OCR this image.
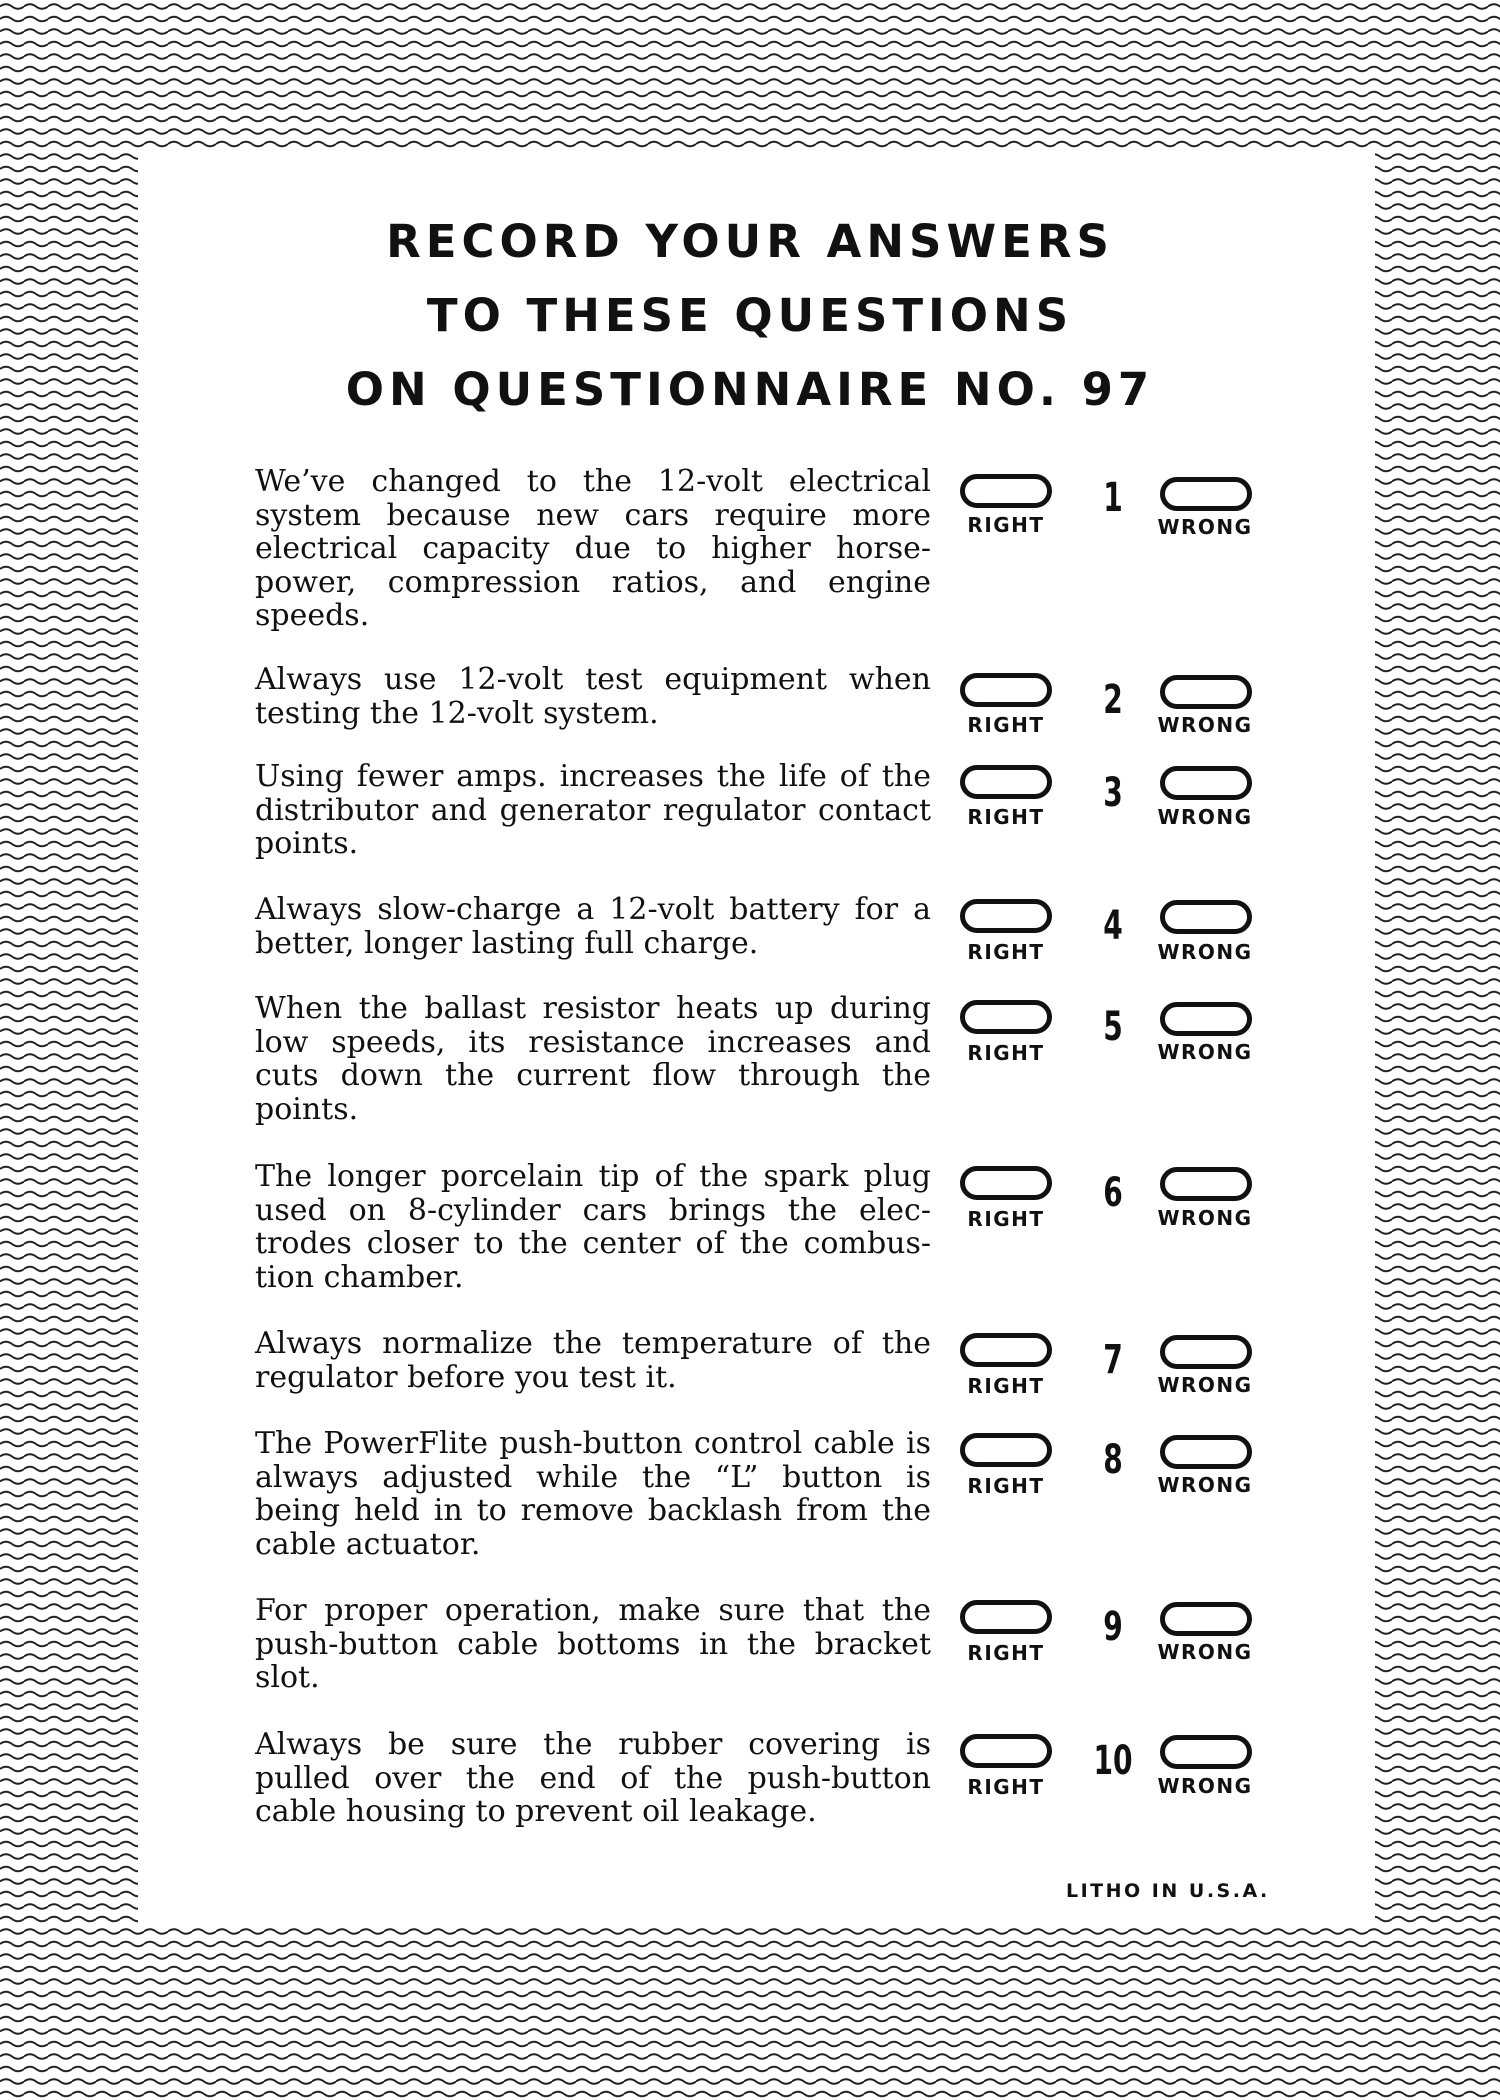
RECORD YOUR ANSWERS
TO THESE QUESTIONS
ON QUESTIONNAIRE NO. 97
We’ve changed to the 12-volt electrical system because new cars require more electrical capacity due to higher horse-power, compression ratios, and engine speeds.
RIGHT
1
WRONG
Always use 12-volt test equipment when testing the 12-volt system.	RIGHT
2
WRONG
Using fewer amps. increases the life of the distributor and generator regulator contact points.
RIGHT
3
WRONG
Always slow-charge a 12-volt battery for a better, longer lasting full charge.	RIGHT
4
WRONG
When the ballast resistor heats up during low speeds, its resistance increases and cuts down the current flow through the points.
RIGHT
5
WRONG
The longer porcelain tip of the spark plug used on 8-cylinder cars brings the elec-trodes closer to the center of the combus-tion chamber.
RIGHT
6
WRONG
Always normalize the temperature of the regulator before you test it.	RIGHT
7
WRONG
The PowerFlite push-button control cable is always adjusted while the “L” button is being held in to remove backlash from the cable actuator.
RIGHT
8
WRONG
For proper operation, make sure that the push-button cable bottoms in the bracket slot.
RIGHT
9
WRONG
Always be sure the rubber covering is pulled over the end of the push-button cable housing to prevent oil leakage.
RIGHT
10
WRONG
LITHO IN U.S.A.
